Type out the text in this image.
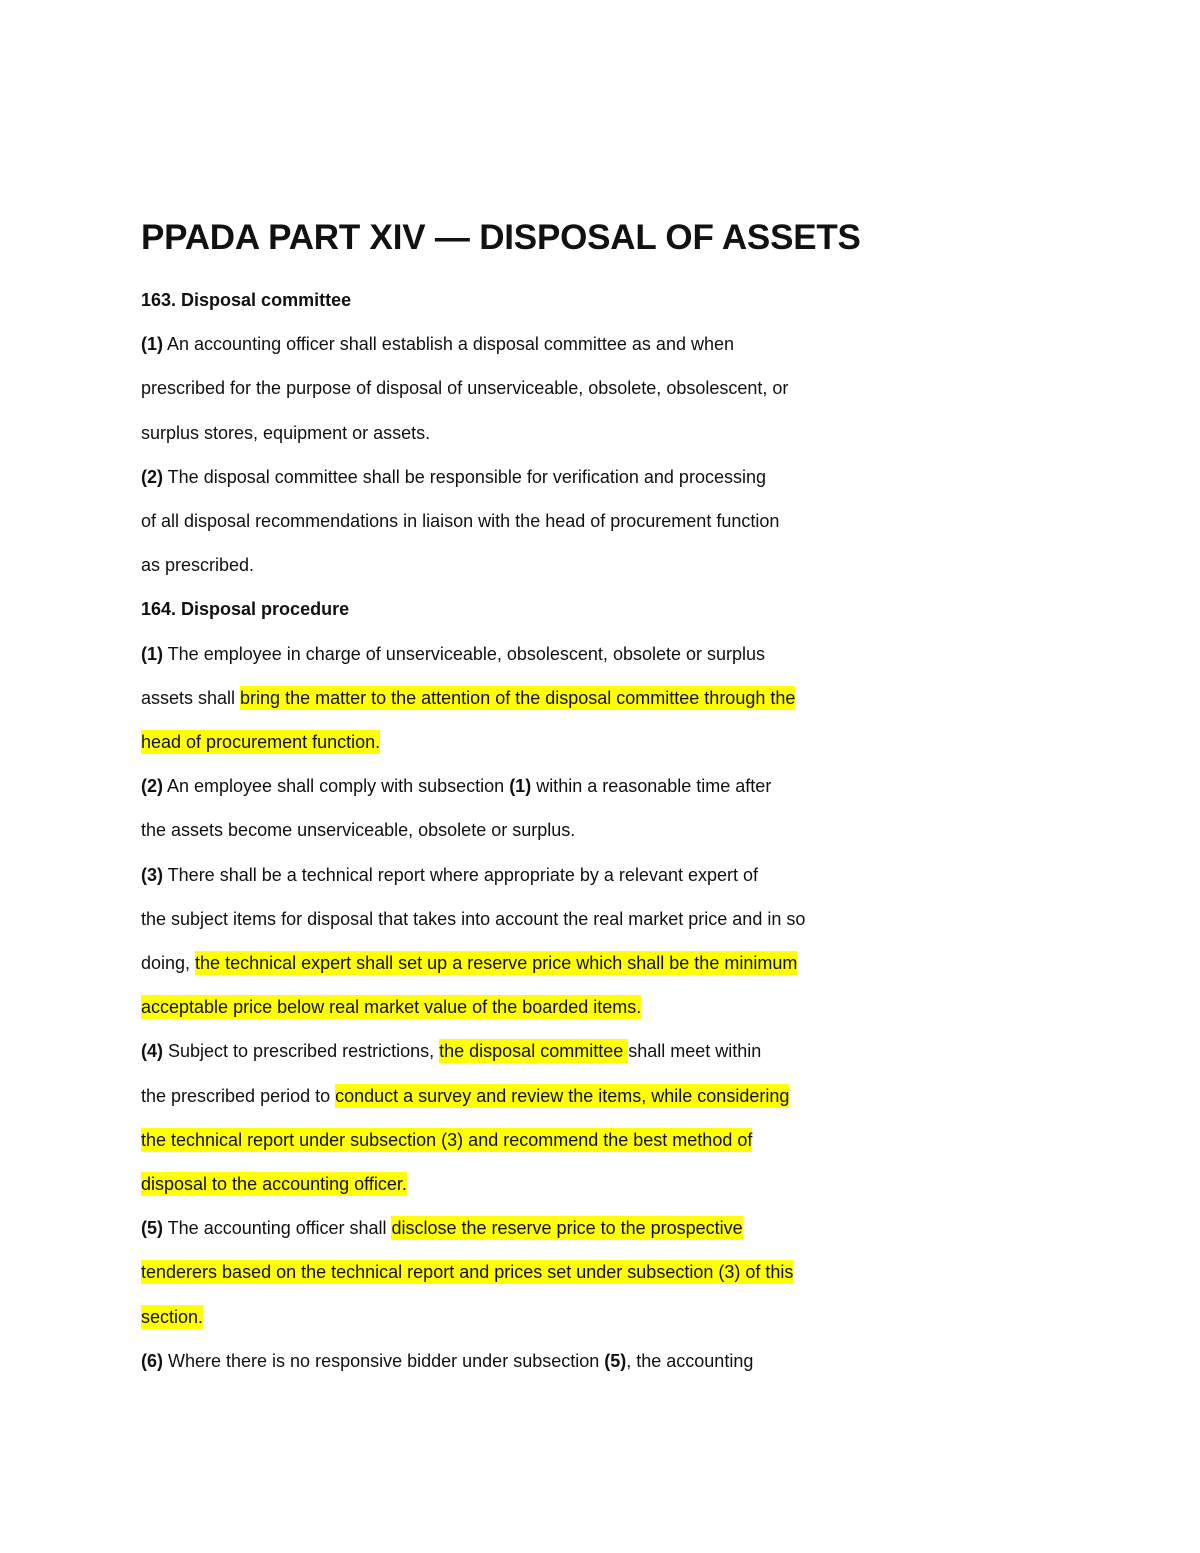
PPADA PART XIV — DISPOSAL OF ASSETS
163. Disposal committee
(1) An accounting officer shall establish a disposal committee as and when
prescribed for the purpose of disposal of unserviceable, obsolete, obsolescent, or
surplus stores, equipment or assets.
(2) The disposal committee shall be responsible for verification and processing
of all disposal recommendations in liaison with the head of procurement function
as prescribed.
164. Disposal procedure
(1) The employee in charge of unserviceable, obsolescent, obsolete or surplus
assets shall bring the matter to the attention of the disposal committee through the
head of procurement function.
(2) An employee shall comply with subsection (1) within a reasonable time after
the assets become unserviceable, obsolete or surplus.
(3) There shall be a technical report where appropriate by a relevant expert of
the subject items for disposal that takes into account the real market price and in so
doing, the technical expert shall set up a reserve price which shall be the minimum
acceptable price below real market value of the boarded items.
(4) Subject to prescribed restrictions, the disposal committee shall meet within
the prescribed period to conduct a survey and review the items, while considering
the technical report under subsection (3) and recommend the best method of
disposal to the accounting officer.
(5) The accounting officer shall disclose the reserve price to the prospective
tenderers based on the technical report and prices set under subsection (3) of this
section.
(6) Where there is no responsive bidder under subsection (5), the accounting
